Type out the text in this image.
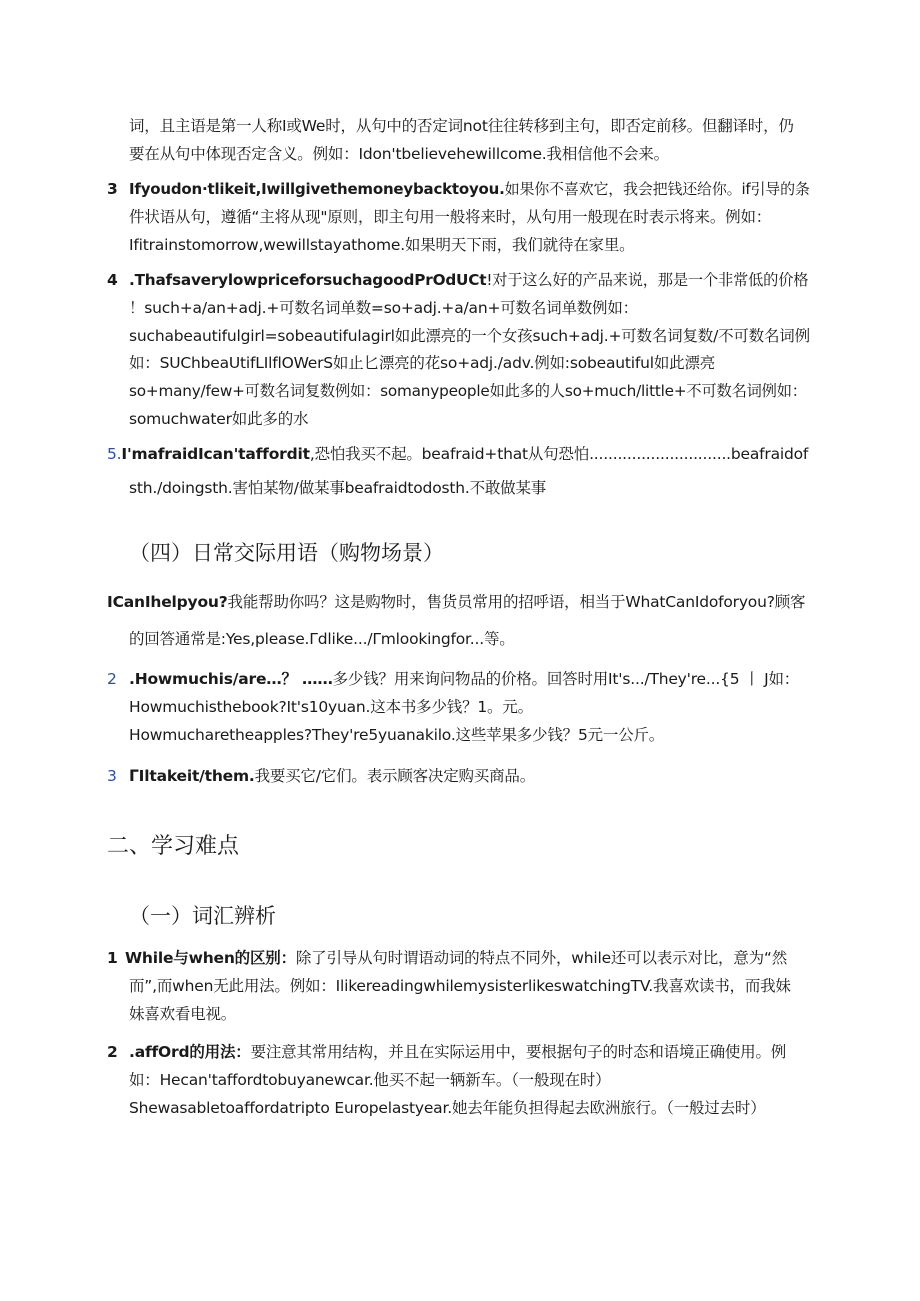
词，且主语是第一人称I或We时，从句中的否定词not往往转移到主句，即否定前移。但翻译时，仍
要在从句中体现否定含义。例如：Idon'tbelievehewillcome.我相信他不会来。
3 Ifyoudon·tlikeit,Iwillgivethemoneybacktoyou.如果你不喜欢它，我会把钱还给你。if引导的条
件状语从句，遵循“主将从现"原则，即主句用一般将来时，从句用一般现在时表示将来。例如：
Ifitrainstomorrow,wewillstayathome.如果明天下雨，我们就待在家里。
4 .ThafsaverylowpriceforsuchagoodPrOdUCt!对于这么好的产品来说，那是一个非常低的价格
！such+a/an+adj.+可数名词单数=so+adj.+a/an+可数名词单数例如：
suchabeautifulgirl=sobeautifulagirl如此漂亮的一个女孩such+adj.+可数名词复数/不可数名词例
如：SUChbeaUtifLIlflOWerS如止匕漂亮的花so+adj./adv.例如:sobeautiful如此漂亮
so+many/few+可数名词复数例如：somanypeople如此多的人so+much/little+不可数名词例如：
somuchwater如此多的水
5.I'mafraidIcan'taffordit,恐怕我买不起。beafraid+that从句恐怕..............................beafraidof
sth./doingsth.害怕某物/做某事beafraidtodosth.不敢做某事
（四）日常交际用语（购物场景）
ICanIhelpyou?我能帮助你吗？这是购物时，售货员常用的招呼语，相当于WhatCanIdoforyou?顾客
的回答通常是:Yes,please.Γdlike.../Γmlookingfor...等。
2 .Howmuchis/are…？ ……多少钱？用来询问物品的价格。回答时用It's.../They're...{5 丨 J如：
Howmuchisthebook?It's10yuan.这本书多少钱？1。元。
Howmucharetheapples?They're5yuanakilo.这些苹果多少钱？5元一公斤。
3 ΓIltakeit/them.我要买它/它们。表示顾客决定购买商品。
二、学习难点
（一）词汇辨析
1 While与when的区别：除了引导从句时谓语动词的特点不同外，while还可以表示对比，意为“然
而”,而when无此用法。例如：IlikereadingwhilemysisterlikeswatchingTV.我喜欢读书，而我妹
妹喜欢看电视。
2 .affOrd的用法：要注意其常用结构，并且在实际运用中，要根据句子的时态和语境正确使用。例
如：Hecan'taffordtobuyanewcar.他买不起一辆新车。（一般现在时）
Shewasabletoaffordatripto Europelastyear.她去年能负担得起去欧洲旅行。（一般过去时）
